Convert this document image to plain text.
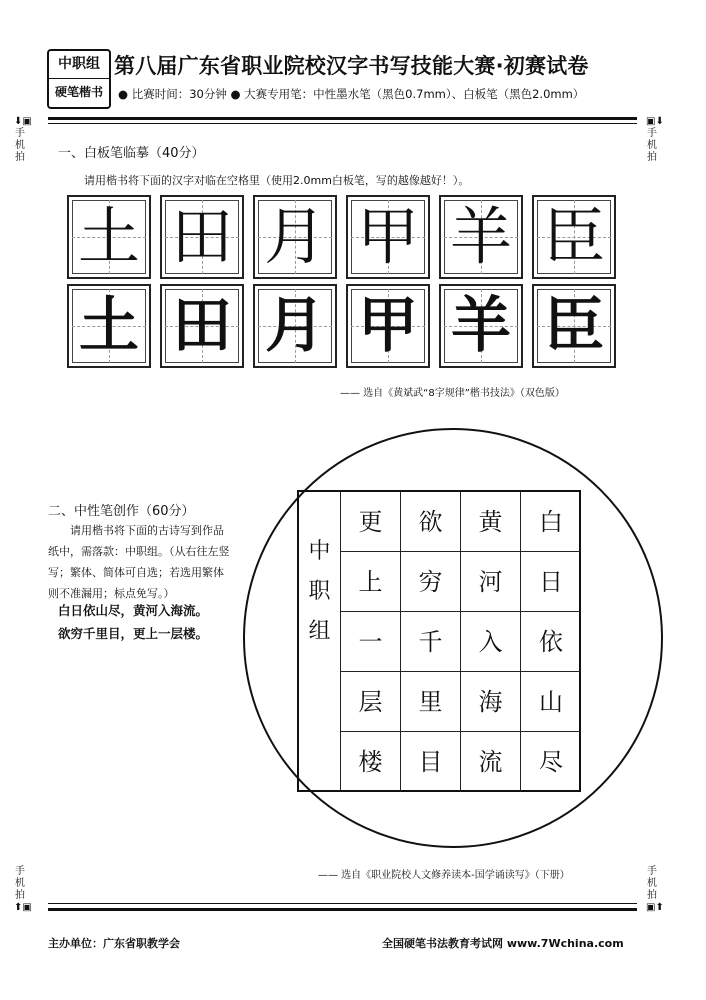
中职组
硬笔楷书
第八届广东省职业院校汉字书写技能大赛·初赛试卷
● 比赛时间：30分钟 ● 大赛专用笔：中性墨水笔（黑色0.7mm）、白板笔（黑色2.0mm）
⬇▣
手机拍
▣⬇
手机拍
手机拍
⬆▣
手机拍
▣⬆
一、白板笔临摹（40分）
请用楷书将下面的汉字对临在空格里（使用2.0mm白板笔，写的越像越好！）。
土 田 月 甲 羊 臣
土 田 月 甲 羊 臣
—— 选自《黄斌武“8字规律”楷书技法》（双色版）
二、中性笔创作（60分）
请用楷书将下面的古诗写到作品纸中，需落款：中职组。（从右往左竖写；繁体、简体可自选；若选用繁体则不准漏用；标点免写。）
白日依山尽，黄河入海流。
欲穷千里目，更上一层楼。
中
职
组
更
上
一
层
楼
欲
穷
千
里
目
黄
河
入
海
流
白
日
依
山
尽
—— 选自《职业院校人文修养读本-国学诵读写》（下册）
主办单位：广东省职教学会	全国硬笔书法教育考试网 www.7Wchina.com
